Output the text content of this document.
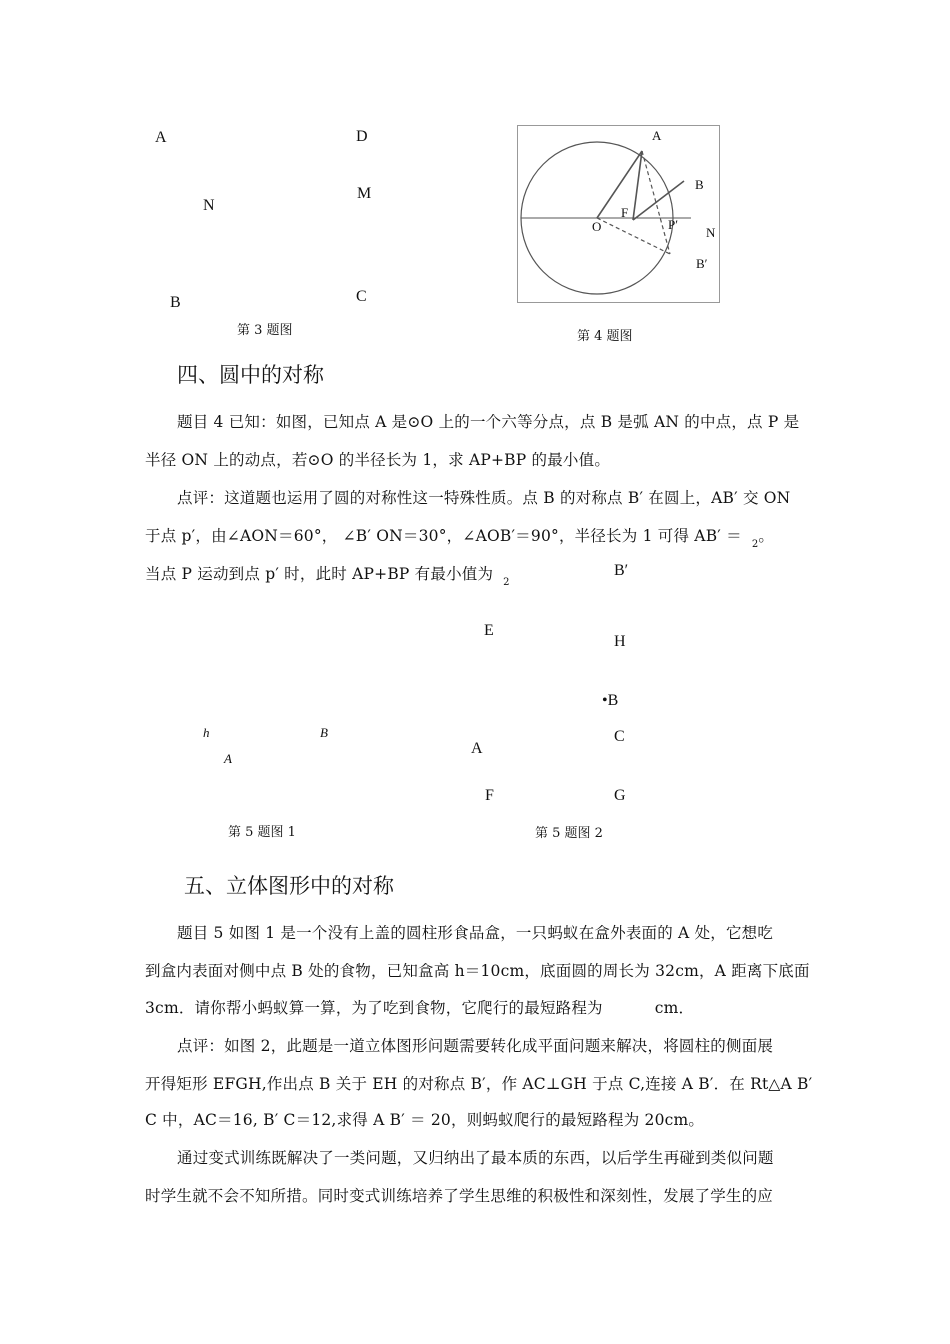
A	D
N
M
B	C
第 3 题图
A
B
O
F
P′
B′
N
第 4 题图
四、圆中的对称
题目 4 已知：如图，已知点 A 是⊙O 上的一个六等分点，点 B 是弧 AN 的中点，点 P 是
半径 ON 上的动点，若⊙O 的半径长为 1，求 AP+BP 的最小值。
点评：这道题也运用了圆的对称性这一特殊性质。点 B 的对称点 B′ 在圆上，AB′ 交 ON
于点 p′，由∠AON＝60°， ∠B′ ON＝30°，∠AOB′＝90°，半径长为 1 可得 AB′ ＝ $_2$。
当点 P 运动到点 p′ 时，此时 AP+BP 有最小值为 $_2$
h	B
A
第 5 题图 1
B′
E
H
•B
C
A
F	G
第 5 题图 2
五、立体图形中的对称
题目 5 如图 1 是一个没有上盖的圆柱形食品盒，一只蚂蚁在盒外表面的 A 处，它想吃
到盒内表面对侧中点 B 处的食物，已知盒高 h＝10cm，底面圆的周长为 32cm，A 距离下底面
3cm．请你帮小蚂蚁算一算，为了吃到食物，它爬行的最短路程为	cm．
点评：如图 2，此题是一道立体图形问题需要转化成平面问题来解决，将圆柱的侧面展
开得矩形 EFGH,作出点 B 关于 EH 的对称点 B′，作 AC⊥GH 于点 C,连接 A B′．在 Rt△A B′
C 中，AC＝16, B′ C＝12,求得 A B′ ＝ 20，则蚂蚁爬行的最短路程为 20cm。
通过变式训练既解决了一类问题，又归纳出了最本质的东西，以后学生再碰到类似问题
时学生就不会不知所措。同时变式训练培养了学生思维的积极性和深刻性，发展了学生的应
